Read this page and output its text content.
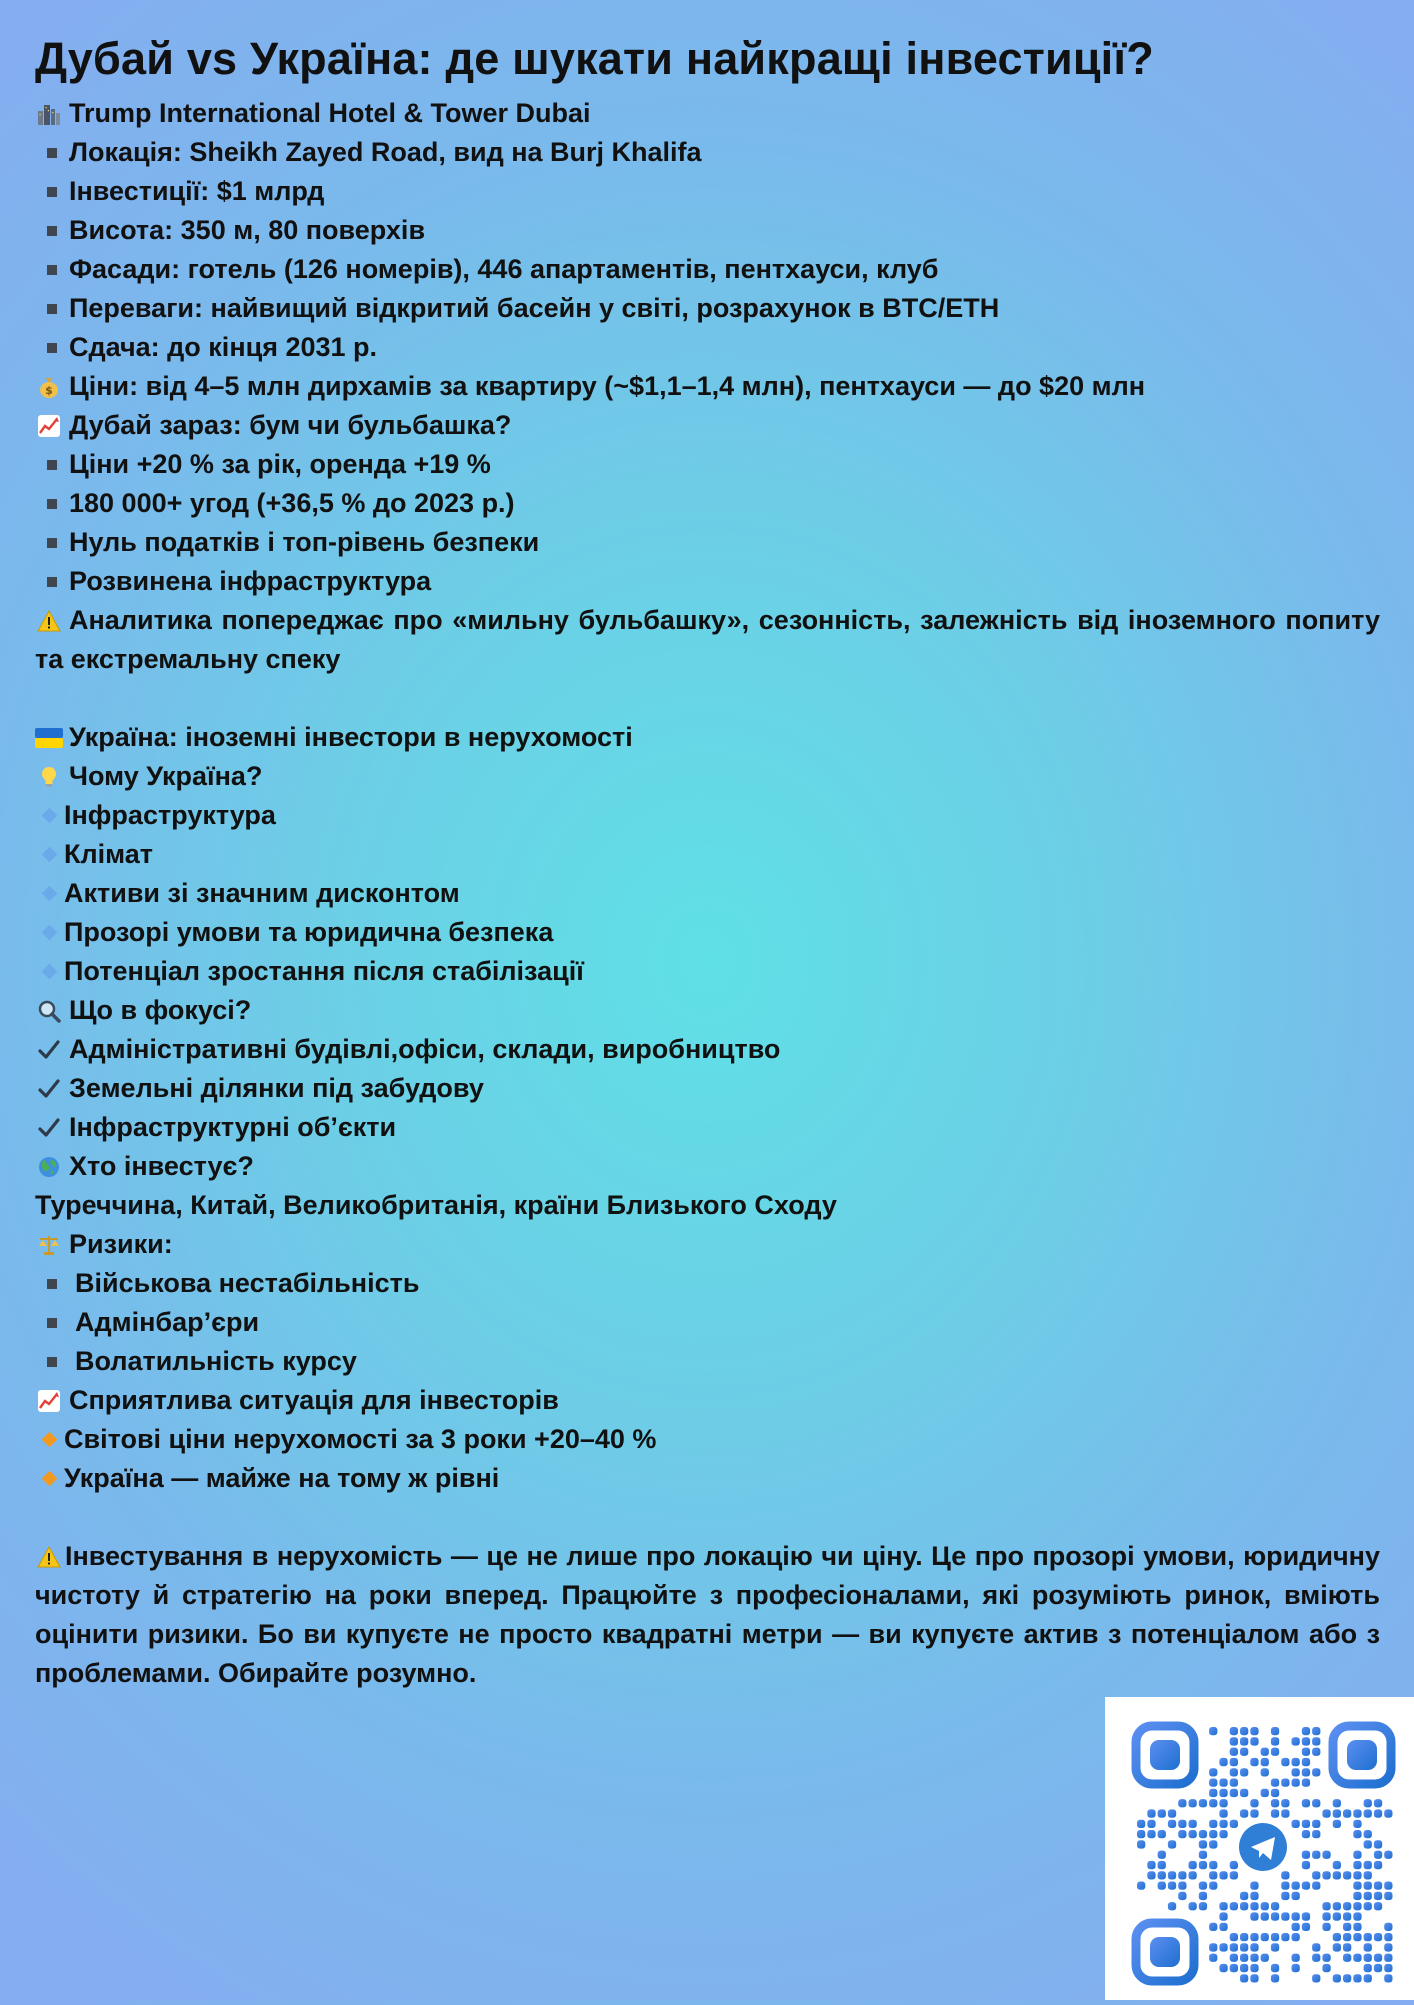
Дубай vs Україна: де шукати найкращі інвестиції?
Trump International Hotel & Tower Dubai
Локація: Sheikh Zayed Road, вид на Burj Khalifa
Інвестиції: $1 млрд
Висота: 350 м, 80 поверхів
Фасади: готель (126 номерів), 446 апартаментів, пентхауси, клуб
Переваги: найвищий відкритий басейн у світі, розрахунок в BTC/ETH
Сдача: до кінця 2031 р.
$ Ціни: від 4–5 млн дирхамів за квартиру (~$1,1–1,4 млн), пентхауси — до $20 млн
Дубай зараз: бум чи бульбашка?
Ціни +20 % за рік, оренда +19 %
180 000+ угод (+36,5 % до 2023 р.)
Нуль податків і топ-рівень безпеки
Розвинена інфраструктура
Аналитика попереджає про «мильну бульбашку», сезонність, залежність від іноземного попиту та екстремальну спеку
Україна: іноземні інвестори в нерухомості
Чому Україна?
Інфраструктура
Клімат
Активи зі значним дисконтом
Прозорі умови та юридична безпека
Потенціал зростання після стабілізації
Що в фокусі?
Адміністративні будівлі,офіси, склади, виробництво
Земельні ділянки під забудову
Інфраструктурні об’єкти
Хто інвестує?
Туреччина, Китай, Великобританія, країни Близького Сходу
Ризики:
Військова нестабільність
Адмінбар’єри
Волатильність курсу
Сприятлива ситуація для інвесторів
Світові ціни нерухомості за 3 роки +20–40 %
Україна — майже на тому ж рівні
Інвестування в нерухомість — це не лише про локацію чи ціну. Це про прозорі умови, юридичну чистоту й стратегію на роки вперед. Працюйте з професіоналами, які розуміють ринок, вміють оцінити ризики. Бо ви купуєте не просто квадратні метри — ви купуєте актив з потенціалом або з проблемами. Обирайте розумно.
